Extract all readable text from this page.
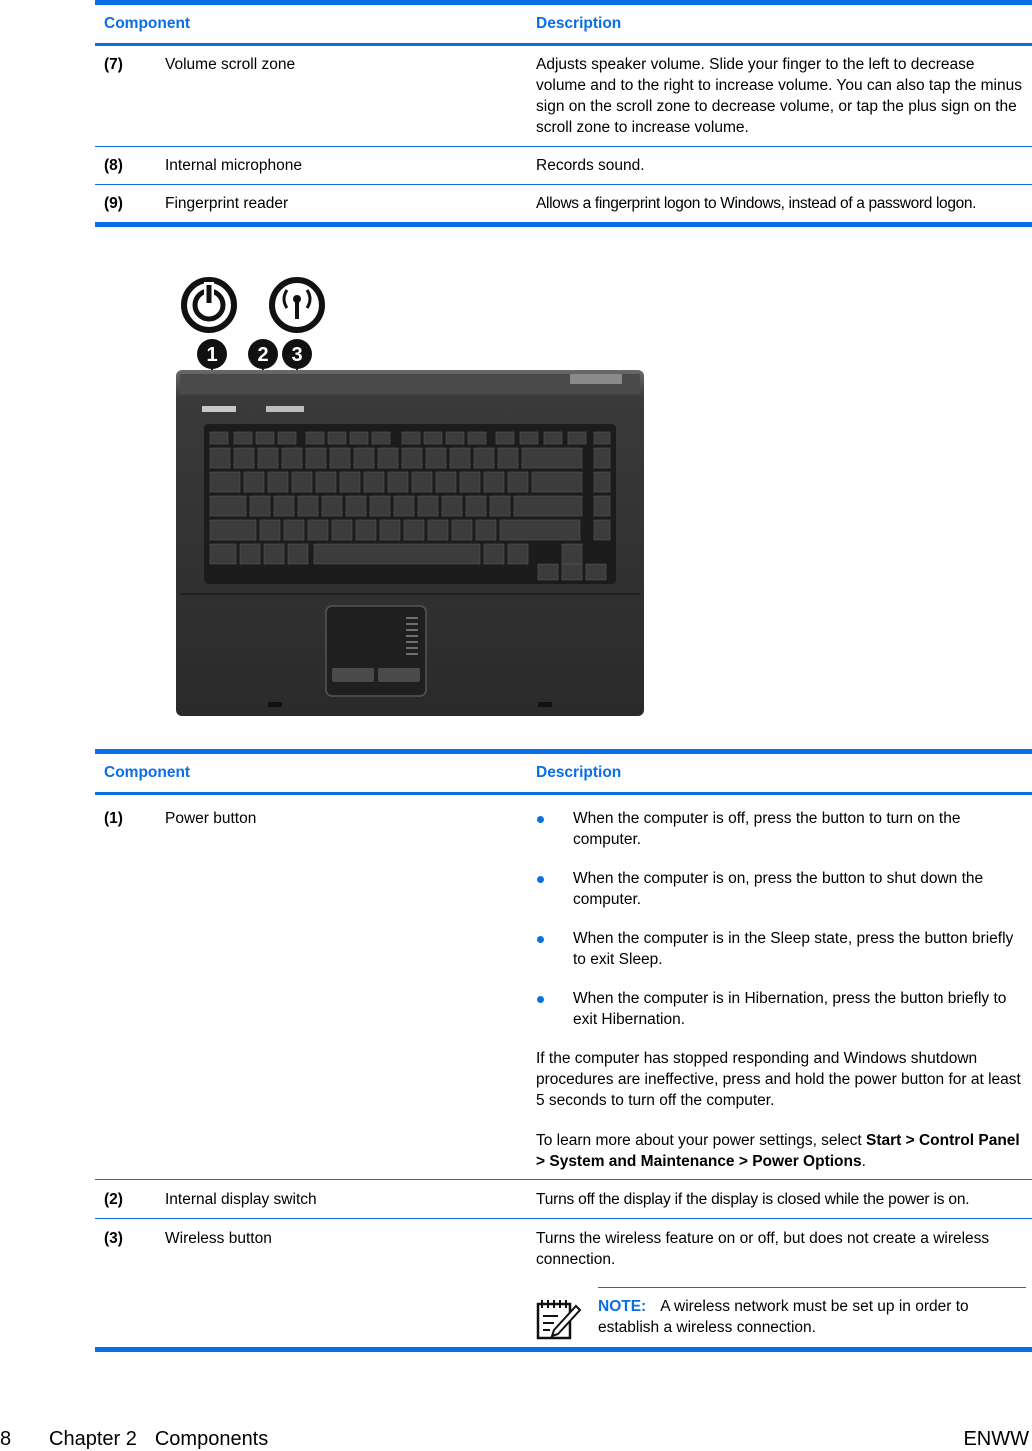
Component	Description
(7)	Volume scroll zone	Adjusts speaker volume. Slide your finger to the left to decrease volume and to the right to increase volume. You can also tap the minus sign on the scroll zone to decrease volume, or tap the plus sign on the scroll zone to increase volume.
(8)	Internal microphone	Records sound.
(9)	Fingerprint reader	Allows a fingerprint logon to Windows, instead of a password logon.
1 2 3
Component	Description
(1)	Power button	When the computer is off, press the button to turn on the computer.
When the computer is on, press the button to shut down the computer.
When the computer is in the Sleep state, press the button briefly to exit Sleep.
When the computer is in Hibernation, press the button briefly to exit Hibernation.

If the computer has stopped responding and Windows shutdown procedures are ineffective, press and hold the power button for at least 5 seconds to turn off the computer.

To learn more about your power settings, select Start > Control Panel > System and Maintenance > Power Options.

(2)	Internal display switch	Turns off the display if the display is closed while the power is on.
(3)	Wireless button	Turns the wireless feature on or off, but does not create a wireless connection.

NOTE: A wireless network must be set up in order to establish a wireless connection.
8 Chapter 2 Components	ENWW
